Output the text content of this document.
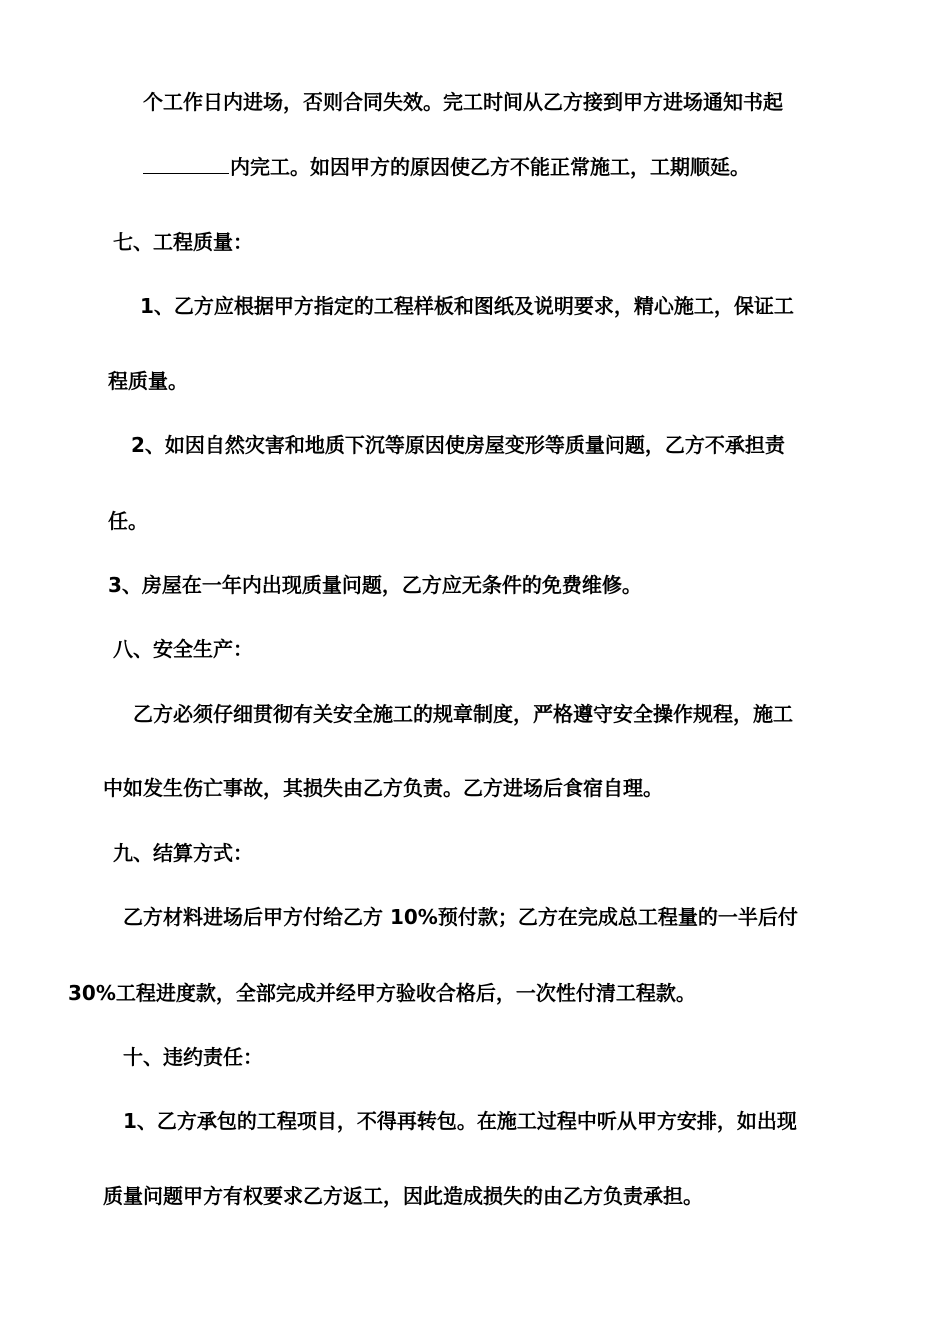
个工作日内进场，否则合同失效。完工时间从乙方接到甲方进场通知书起
内完工。如因甲方的原因使乙方不能正常施工，工期顺延。
七、工程质量：
1、乙方应根据甲方指定的工程样板和图纸及说明要求，精心施工，保证工
程质量。
2、如因自然灾害和地质下沉等原因使房屋变形等质量问题，乙方不承担责
任。
3、房屋在一年内出现质量问题，乙方应无条件的免费维修。
八、安全生产：
乙方必须仔细贯彻有关安全施工的规章制度，严格遵守安全操作规程，施工
中如发生伤亡事故，其损失由乙方负责。乙方进场后食宿自理。
九、结算方式：
乙方材料进场后甲方付给乙方 10%预付款；乙方在完成总工程量的一半后付
30%工程进度款，全部完成并经甲方验收合格后，一次性付清工程款。
十、违约责任：
1、乙方承包的工程项目，不得再转包。在施工过程中听从甲方安排，如出现
质量问题甲方有权要求乙方返工，因此造成损失的由乙方负责承担。
